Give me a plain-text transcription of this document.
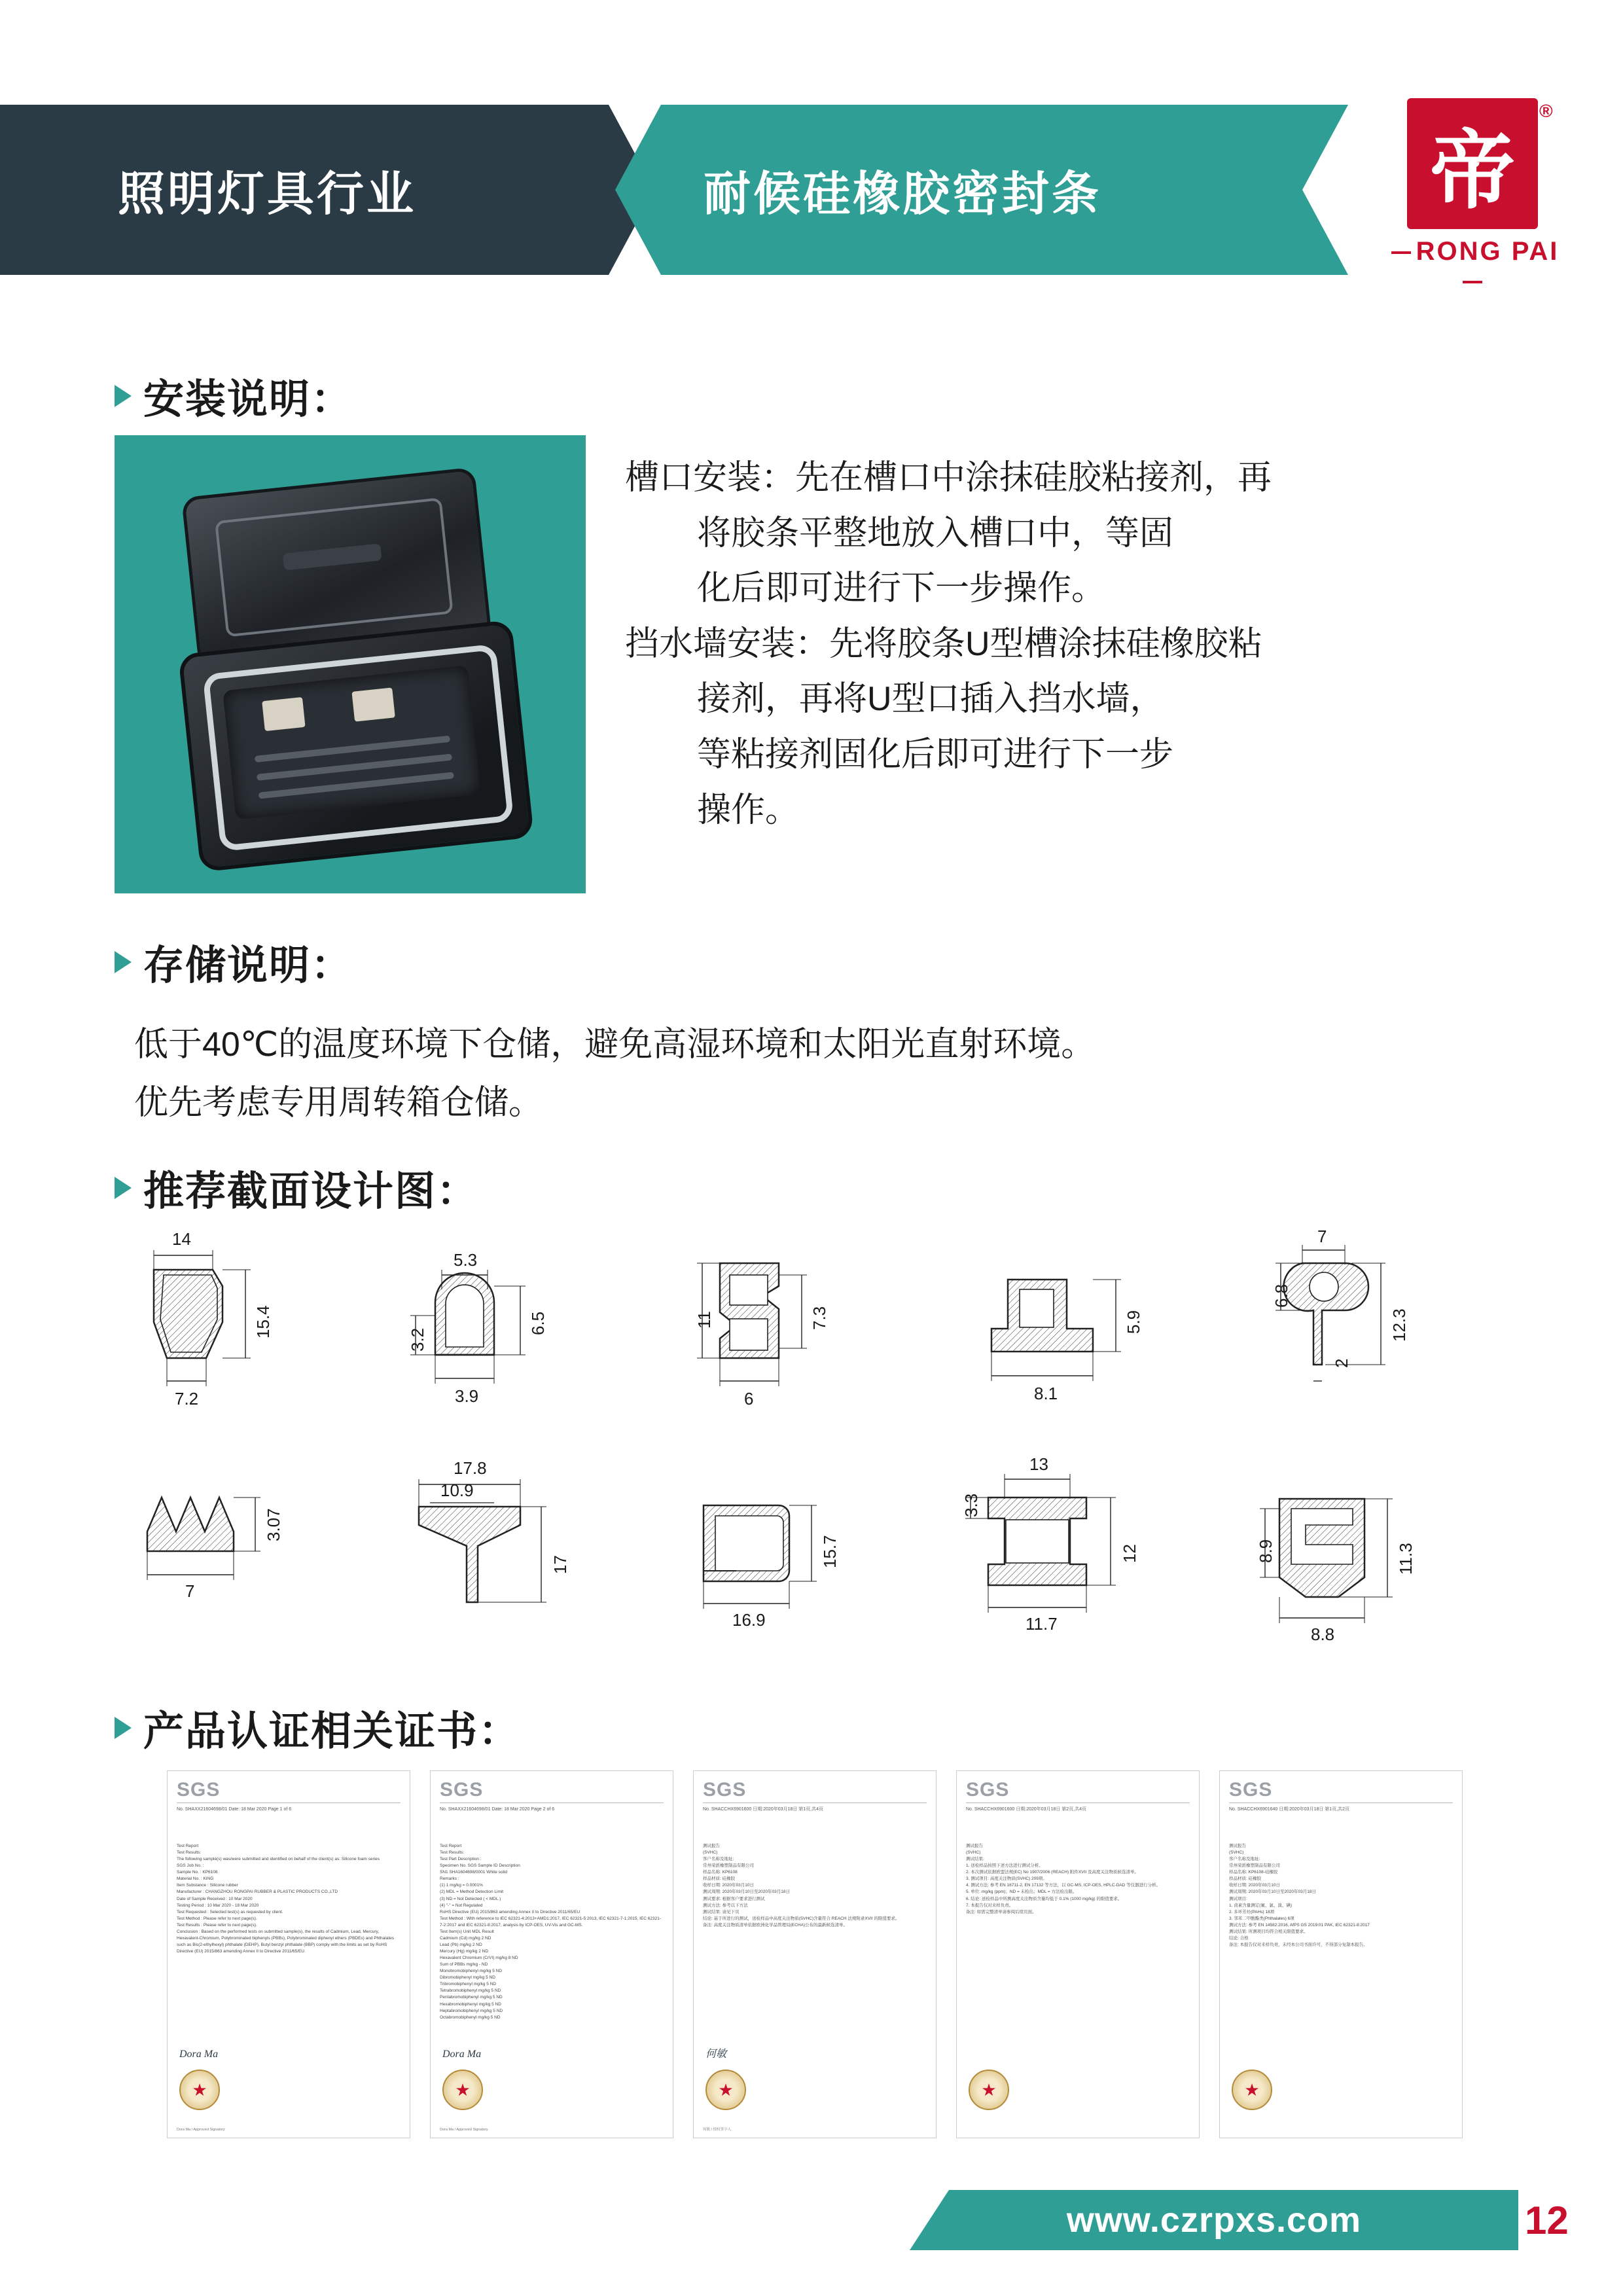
照明灯具行业	耐候硅橡胶密封条	帝
®
RONG PAI
安装说明：

槽口安装：先在槽口中涂抹硅胶粘接剂，再

将胶条平整地放入槽口中，等固

化后即可进行下一步操作。

挡水墙安装：先将胶条U型槽涂抹硅橡胶粘

接剂，再将U型口插入挡水墙，

等粘接剂固化后即可进行下一步

操作。

存储说明：

低于40℃的温度环境下仓储，避免高湿环境和太阳光直射环境。

优先考虑专用周转箱仓储。

推荐截面设计图：
14
15.4
7.2
5.3
6.5
3.2
3.9
11	7.3
6
5.9
8.1
7
12.3
6.8
2
3.07
7
17.8
10.9
17	15.7
16.9
13
3.3
12
11.7
8.9	11.3
8.8
产品认证相关证书：
SGS
No. SHAXX21604698/01 Date: 18 Mar 2020 Page 1 of 6
Test Report
Test Results:
The following sample(s) was/were submitted and identified on behalf of the client(s) as: Silicone foam series
SGS Job No. :
Sample No. : KP6108
Material No. : KING
Item Substance : Silicone rubber
Manufacturer : CHANGZHOU RONGPAI RUBBER & PLASTIC PRODUCTS CO.,LTD
Date of Sample Received : 10 Mar 2020
Testing Period : 10 Mar 2020 - 18 Mar 2020
Test Requested : Selected test(s) as requested by client.
Test Method : Please refer to next page(s).
Test Results : Please refer to next page(s).
Conclusion : Based on the performed tests on submitted sample(s), the results of Cadmium, Lead, Mercury, Hexavalent-Chromium, Polybrominated biphenyls (PBBs), Polybrominated diphenyl ethers (PBDEs) and Phthalates such as Bis(2-ethylhexyl) phthalate (DEHP), Butyl benzyl phthalate (BBP) comply with the limits as set by RoHS Directive (EU) 2015/863 amending Annex II to Directive 2011/65/EU.
Dora Ma
★
Dora Ma / Approved Signatory
SGS
No. SHAXX21604698/01 Date: 18 Mar 2020 Page 2 of 6
Test Report
Test Results:
Test Part Description :
Specimen No. SGS Sample ID Description
SN1 SHA1604698/0001 White solid
Remarks :
(1) 1 mg/kg = 0.0001%
(2) MDL = Method Detection Limit
(3) ND = Not Detected ( < MDL )
(4) "-" = Not Regulated
RoHS Directive (EU) 2015/863 amending Annex II to Directive 2011/65/EU
Test Method : With reference to IEC 62321-4:2013+AMD1:2017, IEC 62321-5:2013, IEC 62321-7-1:2015, IEC 62321-7-2:2017 and IEC 62321-8:2017, analysis by ICP-OES, UV-Vis and GC-MS.
Test Item(s) Unit MDL Result
Cadmium (Cd) mg/kg 2 ND
Lead (Pb) mg/kg 2 ND
Mercury (Hg) mg/kg 2 ND
Hexavalent Chromium (CrVI) mg/kg 8 ND
Sum of PBBs mg/kg - ND
Monobromobiphenyl mg/kg 5 ND
Dibromobiphenyl mg/kg 5 ND
Tribromobiphenyl mg/kg 5 ND
Tetrabromobiphenyl mg/kg 5 ND
Pentabromobiphenyl mg/kg 5 ND
Hexabromobiphenyl mg/kg 5 ND
Heptabromobiphenyl mg/kg 5 ND
Octabromobiphenyl mg/kg 5 ND
Dora Ma
★
Dora Ma / Approved Signatory
SGS
No. SHACCHX6901600 日期:2020年03月18日 第1页,共4页
测试报告
(SVHC)
客户名称及地址:
常州荣派橡塑制品有限公司
样品名称: KP6108
样品材质: 硅橡胶
收样日期: 2020年03月10日
测试周期: 2020年03月10日至2020年03月18日
测试要求: 根据客户要求进行测试
测试方法: 参考以下方法
测试结果: 请见下页
结论: 基于所进行的测试，送检样品中高度关注物质(SVHC)含量符合 REACH 法规附录XVII 的限值要求。
备注: 高度关注物质清单依据欧洲化学品管理局(ECHA)公布的最新候选清单。
何敏
★
何敏 / 授权签字人
SGS
No. SHACCHX6901600 日期:2020年03月18日 第2页,共4页
测试报告
(SVHC)
测试结果:
1. 送检样品按照下述方法进行测试分析。
2. 本次测试依据欧盟法规(EC) No 1907/2006 (REACH) 附件XVII 及高度关注物质候选清单。
3. 测试项目: 高度关注物质(SVHC) 209项。
4. 测试方法: 参考 EN 16711-2, EN 17132 等方法，以 GC-MS, ICP-OES, HPLC-DAD 等仪器进行分析。
5. 单位: mg/kg (ppm)；ND = 未检出；MDL = 方法检出限。
6. 结论: 送检样品中所测高度关注物质含量均低于 0.1% (1000 mg/kg) 的限值要求。
7. 本报告仅对来样负责。
备注: 如需完整清单请参阅后续页面。
★
SGS
No. SHACCHX6901640 日期:2020年03月18日 第1页,共2页
测试报告
(SVHC)
客户名称及地址:
常州荣派橡塑制品有限公司
样品名称: KP6108-硅橡胶
样品材质: 硅橡胶
收样日期: 2020年03月10日
测试周期: 2020年03月10日至2020年03月18日
测试项目:
1. 卤素含量测定(氟、氯、溴、碘)
2. 多环芳烃(PAHs) 18项
3. 邻苯二甲酸酯类(Phthalates) 6项
测试方法: 参考 EN 14582:2016, AfPS GS 2019:01 PAK, IEC 62321-8:2017
测试结果: 所测项目均符合相关限值要求。
结论: 合格
备注: 本报告仅对来样负责，未经本公司书面许可，不得部分复制本报告。
★
www.czrpxs.com	12
